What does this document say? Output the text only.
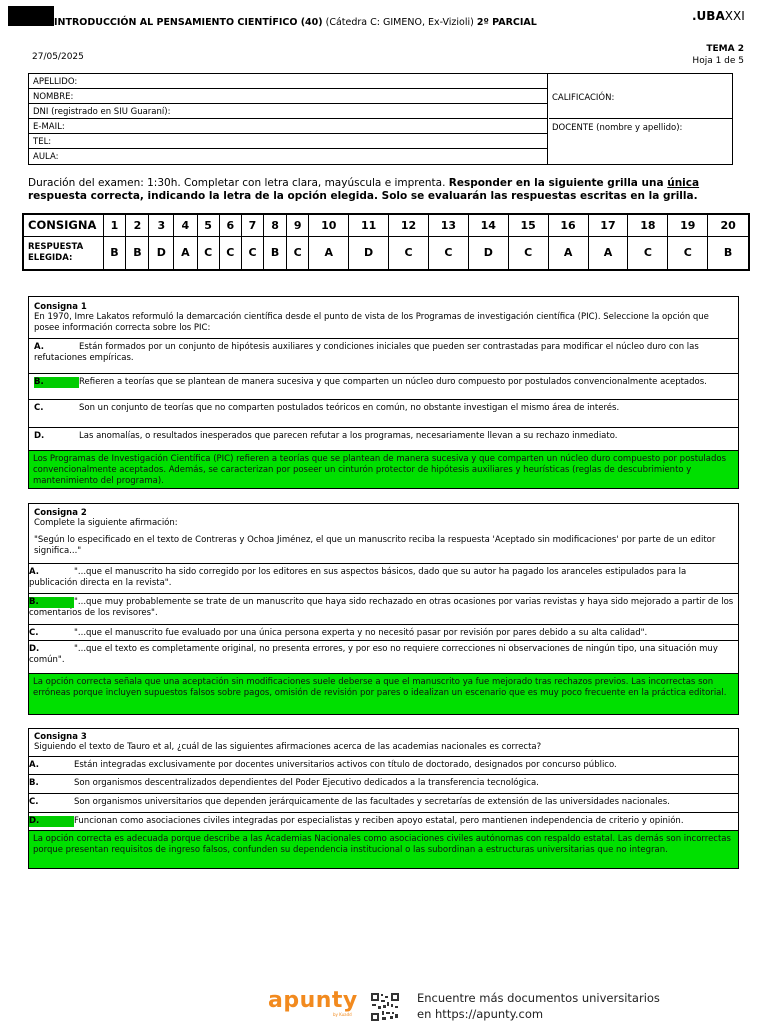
INTRODUCCIÓN AL PENSAMIENTO CIENTÍFICO (40) (Cátedra C: GIMENO, Ex-Vizioli) 2º PARCIAL	.UBAXXI
27/05/2025
TEMA 2
Hoja 1 de 5
APELLIDO:
NOMBRE:
DNI (registrado en SIU Guaraní):
E-MAIL:
TEL:
AULA:
CALIFICACIÓN:
DOCENTE (nombre y apellido):
Duración del examen: 1:30h. Completar con letra clara, mayúscula e imprenta. Responder en la siguiente grilla una única respuesta correcta, indicando la letra de la opción elegida. Solo se evaluarán las respuestas escritas en la grilla.
CONSIGNA	1	2	3	4	5	6	7	8	9	10	11	12	13	14	15	16	17	18	19	20
RESPUESTA ELEGIDA:	B	B	D	A	C	C	C	B	C	A	D	C	C	D	C	A	A	C	C	B
Consigna 1
En 1970, Imre Lakatos reformuló la demarcación científica desde el punto de vista de los Programas de investigación científica (PIC). Seleccione la opción que posee información correcta sobre los PIC:
A.	Están formados por un conjunto de hipótesis auxiliares y condiciones iniciales que pueden ser contrastadas para modificar el núcleo duro con las refutaciones empíricas.
B.	Refieren a teorías que se plantean de manera sucesiva y que comparten un núcleo duro compuesto por postulados convencionalmente aceptados.
C.	Son un conjunto de teorías que no comparten postulados teóricos en común, no obstante investigan el mismo área de interés.
D.	Las anomalías, o resultados inesperados que parecen refutar a los programas, necesariamente llevan a su rechazo inmediato.
Los Programas de Investigación Científica (PIC) refieren a teorías que se plantean de manera sucesiva y que comparten un núcleo duro compuesto por postulados convencionalmente aceptados. Además, se caracterizan por poseer un cinturón protector de hipótesis auxiliares y heurísticas (reglas de descubrimiento y mantenimiento del programa).
Consigna 2
Complete la siguiente afirmación:
"Según lo especificado en el texto de Contreras y Ochoa Jiménez, el que un manuscrito reciba la respuesta 'Aceptado sin modificaciones' por parte de un editor significa..."
A.	"...que el manuscrito ha sido corregido por los editores en sus aspectos básicos, dado que su autor ha pagado los aranceles estipulados para la publicación directa en la revista".
B.	"...que muy probablemente se trate de un manuscrito que haya sido rechazado en otras ocasiones por varias revistas y haya sido mejorado a partir de los comentarios de los revisores".
C.	"...que el manuscrito fue evaluado por una única persona experta y no necesitó pasar por revisión por pares debido a su alta calidad".
D.	"...que el texto es completamente original, no presenta errores, y por eso no requiere correcciones ni observaciones de ningún tipo, una situación muy común".
La opción correcta señala que una aceptación sin modificaciones suele deberse a que el manuscrito ya fue mejorado tras rechazos previos. Las incorrectas son erróneas porque incluyen supuestos falsos sobre pagos, omisión de revisión por pares o idealizan un escenario que es muy poco frecuente en la práctica editorial.
Consigna 3
Siguiendo el texto de Tauro et al, ¿cuál de las siguientes afirmaciones acerca de las academias nacionales es correcta?
A.	Están integradas exclusivamente por docentes universitarios activos con título de doctorado, designados por concurso público.
B.	Son organismos descentralizados dependientes del Poder Ejecutivo dedicados a la transferencia tecnológica.
C.	Son organismos universitarios que dependen jerárquicamente de las facultades y secretarías de extensión de las universidades nacionales.
D.	Funcionan como asociaciones civiles integradas por especialistas y reciben apoyo estatal, pero mantienen independencia de criterio y opinión.
La opción correcta es adecuada porque describe a las Academias Nacionales como asociaciones civiles autónomas con respaldo estatal. Las demás son incorrectas porque presentan requisitos de ingreso falsos, confunden su dependencia institucional o las subordinan a estructuras universitarias que no integran.
apunty
by Kuadd
Encuentre más documentos universitarios
en https://apunty.com
